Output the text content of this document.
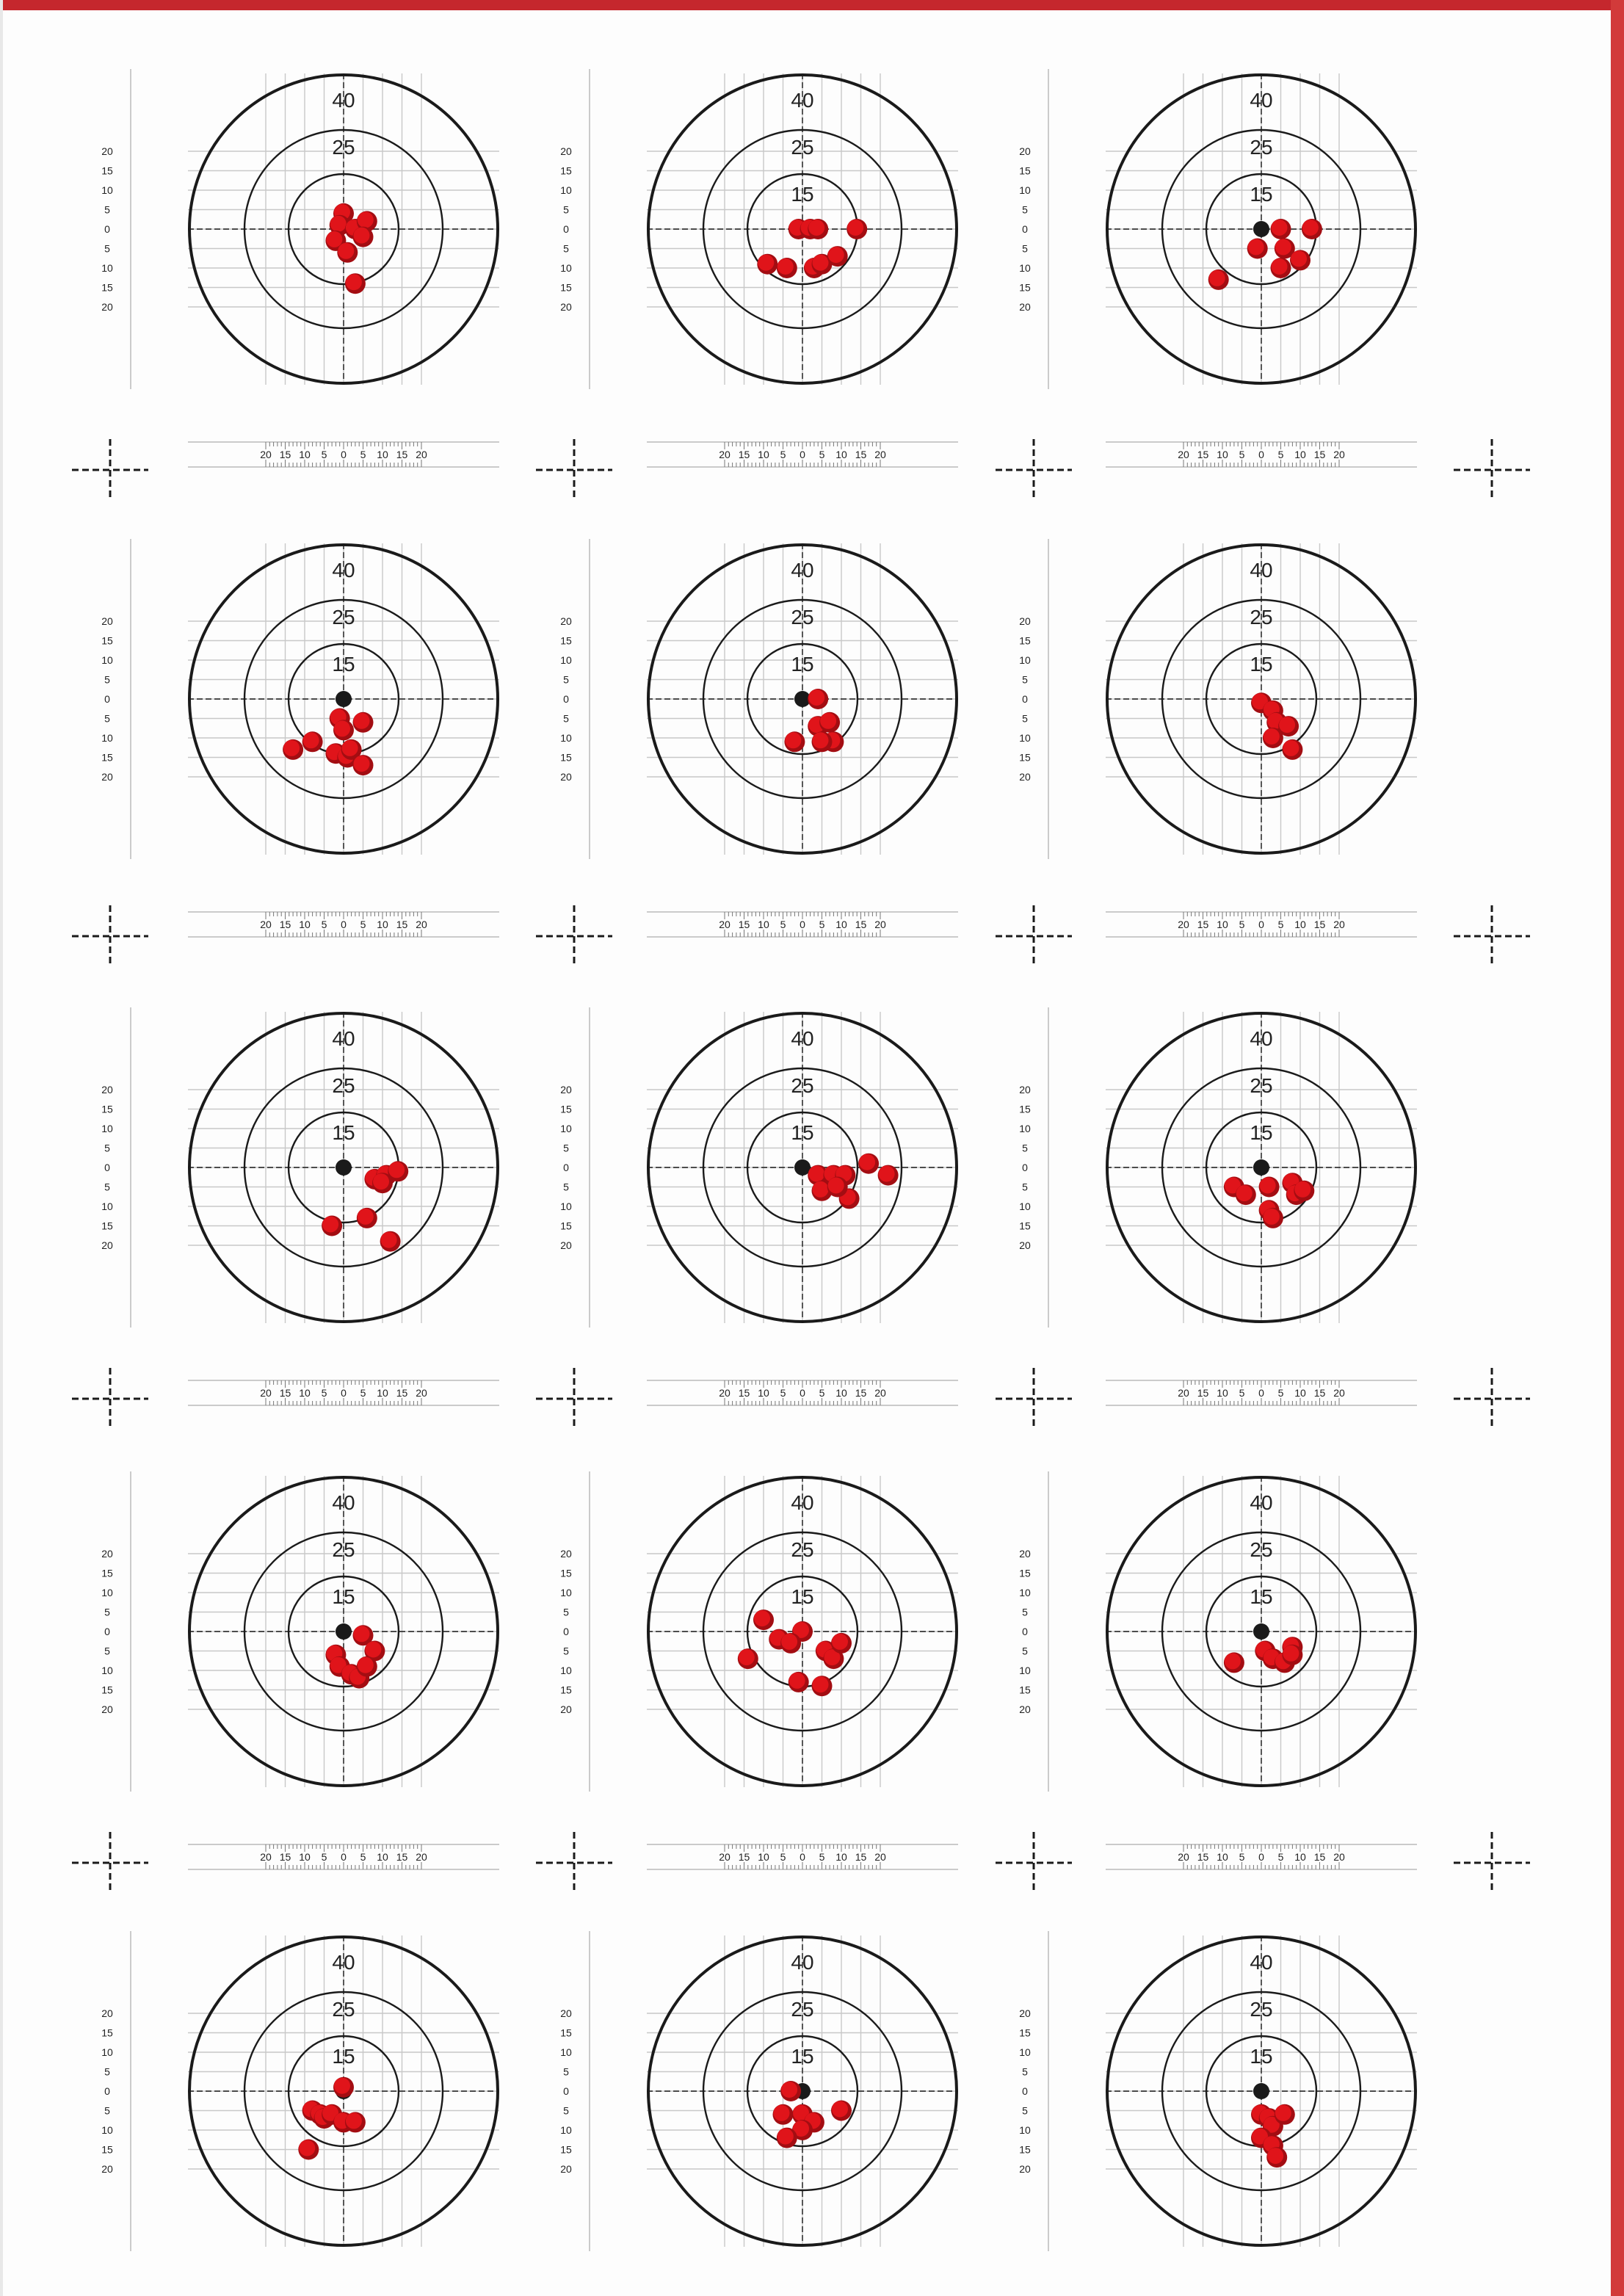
40
25
20
15
10
5
0
5
10
15
20
20 15 10 5 0 5 10 15 20
40
25
15
20
15
10
5
0
5
10
15
20
20 15 10 5 0 5 10 15 20
40
25
15
20
15
10
5
0
5
10
15
20
20 15 10 5 0 5 10 15 20
40
25
15
20
15
10
5
0
5
10
15
20
20 15 10 5 0 5 10 15 20
40
25
15
20
15
10
5
0
5
10
15
20
20 15 10 5 0 5 10 15 20
40
25
15
20
15
10
5
0
5
10
15
20
20 15 10 5 0 5 10 15 20
40
25
15
20
15
10
5
0
5
10
15
20
20 15 10 5 0 5 10 15 20
40
25
15
20
15
10
5
0
5
10
15
20
20 15 10 5 0 5 10 15 20
40
25
15
20
15
10
5
0
5
10
15
20
20 15 10 5 0 5 10 15 20
40
25
15
20
15
10
5
0
5
10
15
20
20 15 10 5 0 5 10 15 20
40
25
15
20
15
10
5
0
5
10
15
20
20 15 10 5 0 5 10 15 20
40
25
15
20
15
10
5
0
5
10
15
20
20 15 10 5 0 5 10 15 20
40
25
15
20
15
10
5
0
5
10
15
20
40
25
15
20
15
10
5
0
5
10
15
20
40
25
15
20
15
10
5
0
5
10
15
20
